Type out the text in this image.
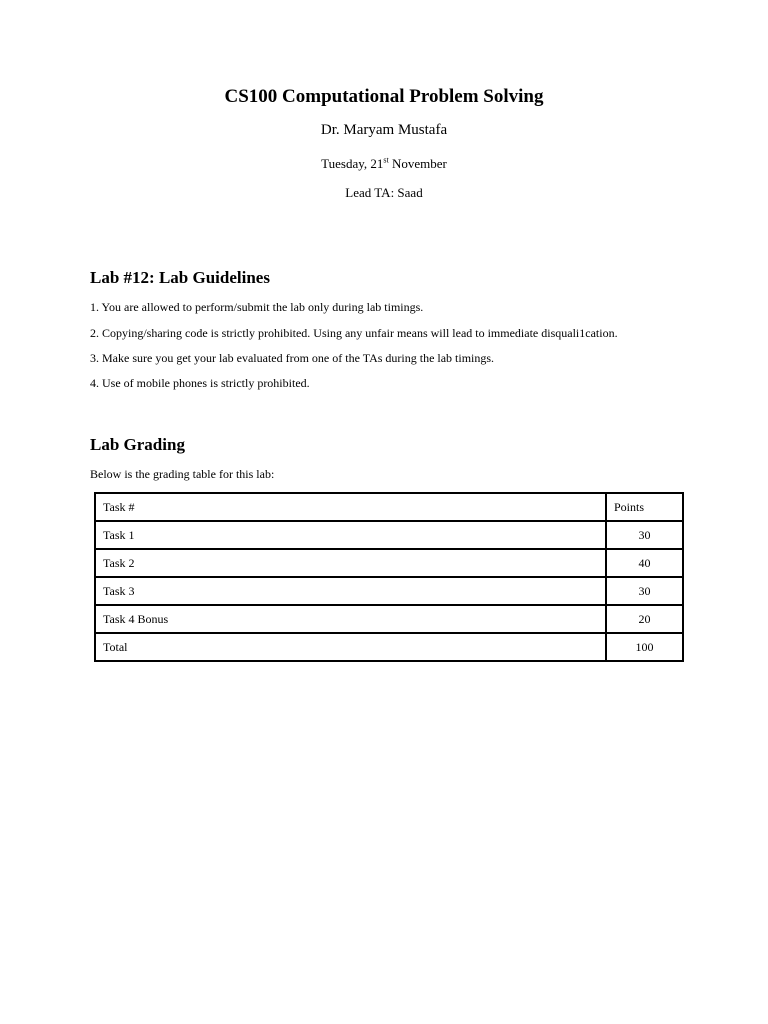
CS100 Computational Problem Solving
Dr. Maryam Mustafa
Tuesday, 21st November
Lead TA: Saad
Lab #12: Lab Guidelines

1. You are allowed to perform/submit the lab only during lab timings.

2. Copying/sharing code is strictly prohibited. Using any unfair means will lead to immediate disquali1cation.

3. Make sure you get your lab evaluated from one of the TAs during the lab timings.

4. Use of mobile phones is strictly prohibited.

Lab Grading
Below is the grading table for this lab:
Task #	Points
Task 1	30
Task 2	40
Task 3	30
Task 4 Bonus	20
Total	100
